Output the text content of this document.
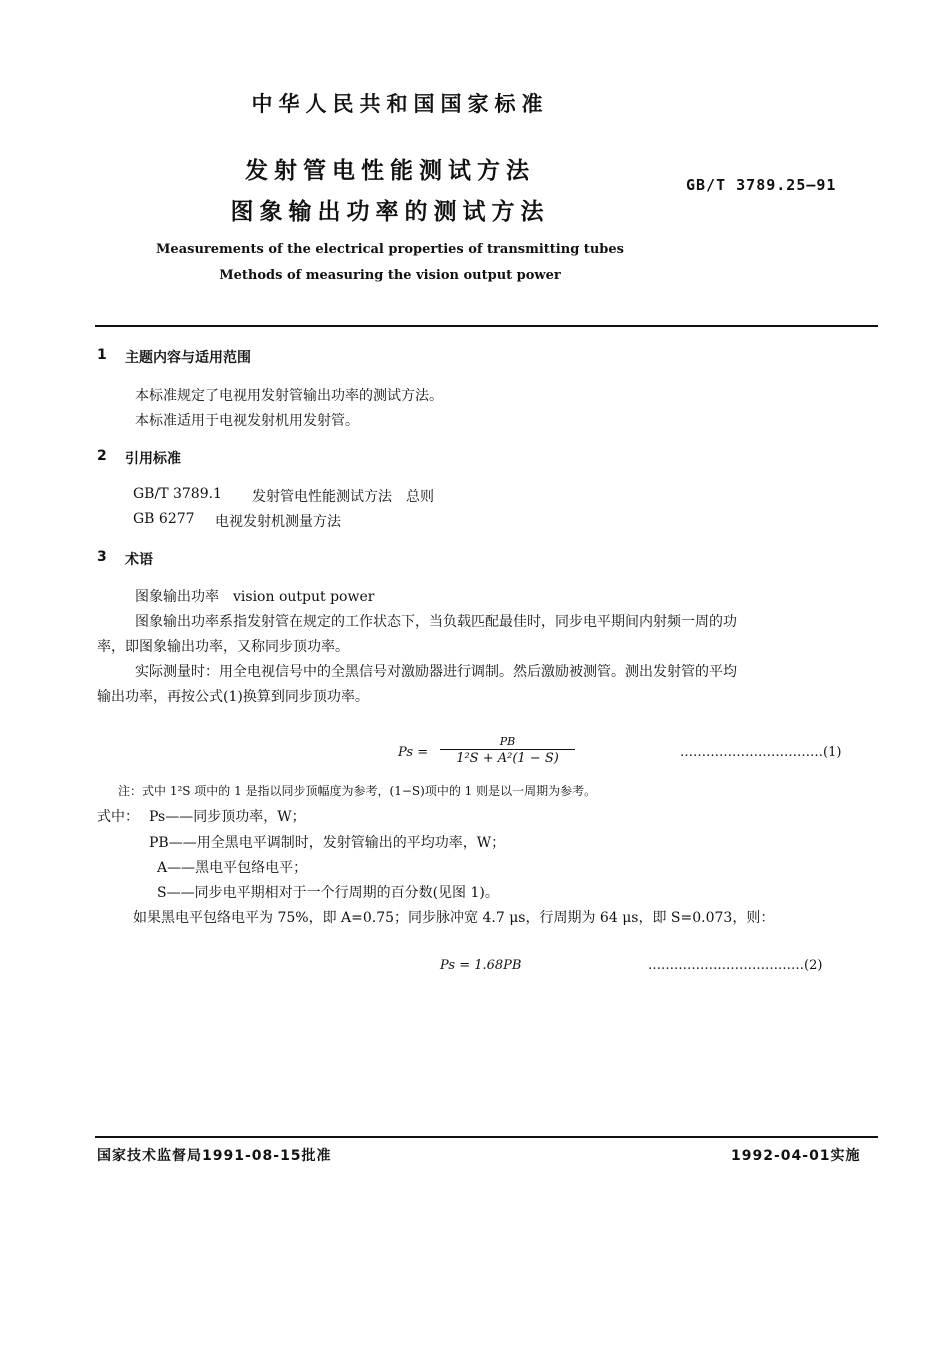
中华人民共和国国家标准
发射管电性能测试方法
图象输出功率的测试方法
GB/T 3789.25—91
Measurements of the electrical properties of transmitting tubes
Methods of measuring the vision output power
1 主题内容与适用范围
本标准规定了电视用发射管输出功率的测试方法。
本标准适用于电视发射机用发射管。
2 引用标准
GB/T 3789.1 发射管电性能测试方法　总则
GB 6277 电视发射机测量方法
3 术语
图象输出功率　vision output power
图象输出功率系指发射管在规定的工作状态下，当负载匹配最佳时，同步电平期间内射频一周的功
率，即图象输出功率，又称同步顶功率。
实际测量时：用全电视信号中的全黑信号对激励器进行调制。然后激励被测管。测出发射管的平均
输出功率，再按公式(1)换算到同步顶功率。
Ps =
PB
1²S + A²(1 − S)	……………………………(1)
注：式中 1²S 项中的 1 是指以同步顶幅度为参考，(1−S)项中的 1 则是以一周期为参考。
式中： Ps——同步顶功率，W；
PB——用全黑电平调制时，发射管输出的平均功率，W；
A——黑电平包络电平；
S——同步电平期相对于一个行周期的百分数(见图 1)。
如果黑电平包络电平为 75%，即 A=0.75；同步脉冲宽 4.7 μs，行周期为 64 μs，即 S=0.073，则：
Ps = 1.68PB	………………………………(2)
国家技术监督局1991-08-15批准	1992-04-01实施
